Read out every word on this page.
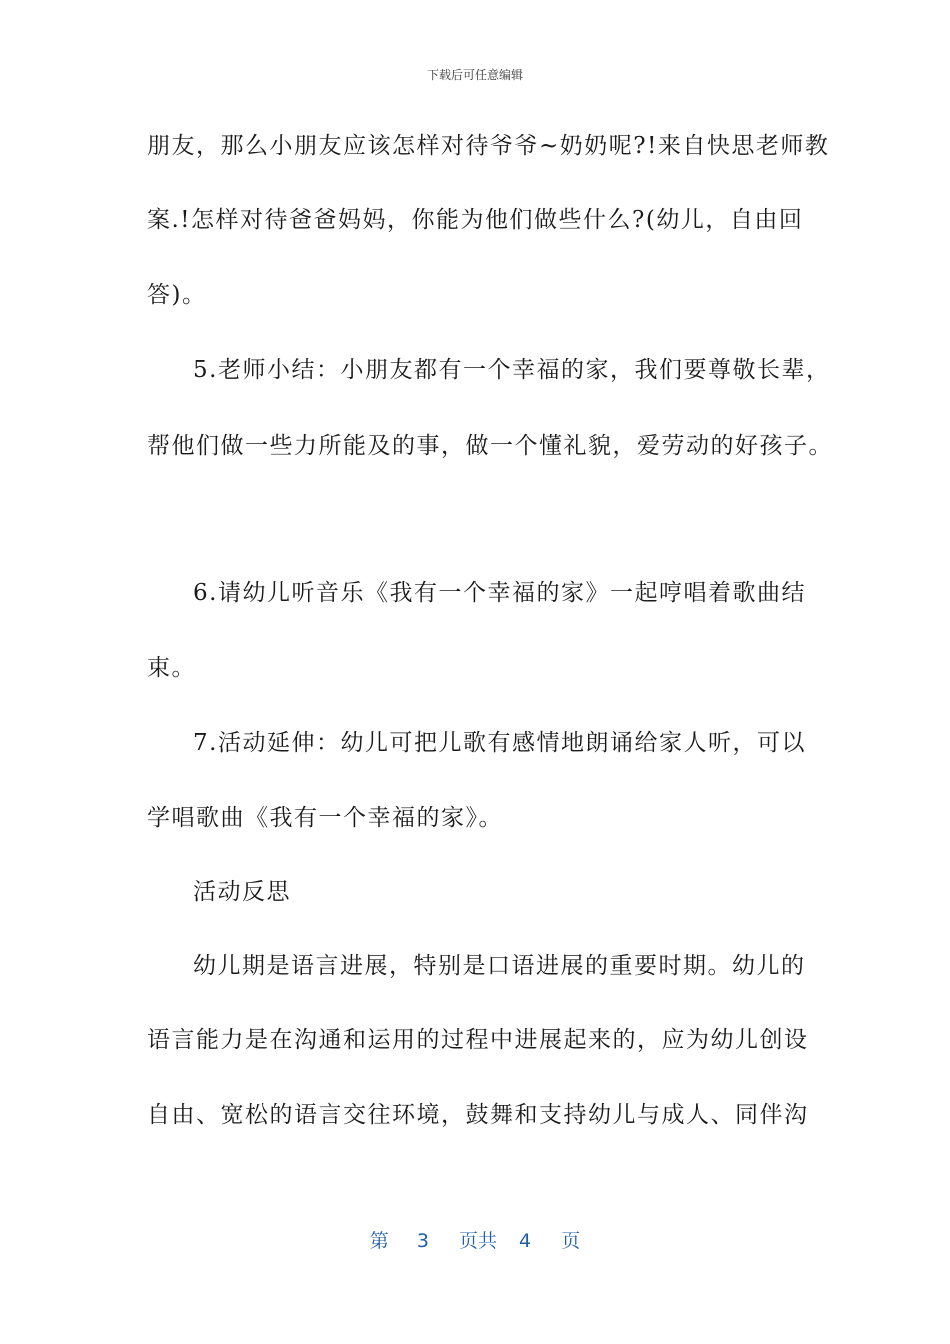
下载后可任意编辑
朋友，那么小朋友应该怎样对待爷爷~奶奶呢?!来自快思老师教
案.!怎样对待爸爸妈妈，你能为他们做些什么?(幼儿，自由回
答)。
5.老师小结：小朋友都有一个幸福的家，我们要尊敬长辈，
帮他们做一些力所能及的事，做一个懂礼貌，爱劳动的好孩子。
6.请幼儿听音乐《我有一个幸福的家》一起哼唱着歌曲结
束。
7.活动延伸：幼儿可把儿歌有感情地朗诵给家人听，可以
学唱歌曲《我有一个幸福的家》。
活动反思
幼儿期是语言进展，特别是口语进展的重要时期。幼儿的
语言能力是在沟通和运用的过程中进展起来的，应为幼儿创设
自由、宽松的语言交往环境，鼓舞和支持幼儿与成人、同伴沟
第 3 页共 4 页
